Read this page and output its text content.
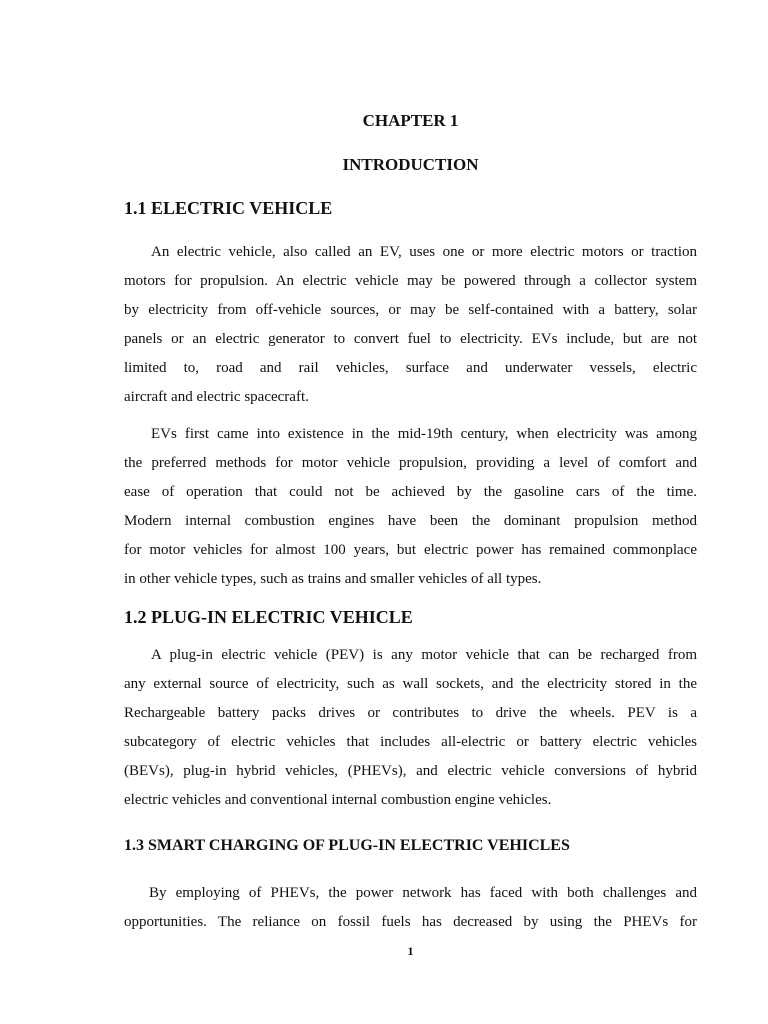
CHAPTER 1
INTRODUCTION
1.1 ELECTRIC VEHICLE
An electric vehicle, also called an EV, uses one or more electric motors or traction
motors for propulsion. An electric vehicle may be powered through a collector system
by electricity from off-vehicle sources, or may be self-contained with a battery, solar
panels or an electric generator to convert fuel to electricity. EVs include, but are not
limited to, road and rail vehicles, surface and underwater vessels, electric
aircraft and electric spacecraft.
EVs first came into existence in the mid-19th century, when electricity was among
the preferred methods for motor vehicle propulsion, providing a level of comfort and
ease of operation that could not be achieved by the gasoline cars of the time.
Modern internal combustion engines have been the dominant propulsion method
for motor vehicles for almost 100 years, but electric power has remained commonplace
in other vehicle types, such as trains and smaller vehicles of all types.
1.2 PLUG-IN ELECTRIC VEHICLE
A plug-in electric vehicle (PEV) is any motor vehicle that can be recharged from
any external source of electricity, such as wall sockets, and the electricity stored in the
Rechargeable battery packs drives or contributes to drive the wheels. PEV is a
subcategory of electric vehicles that includes all-electric or battery electric vehicles
(BEVs), plug-in hybrid vehicles, (PHEVs), and electric vehicle conversions of hybrid
electric vehicles and conventional internal combustion engine vehicles.
1.3 SMART CHARGING OF PLUG-IN ELECTRIC VEHICLES
By employing of PHEVs, the power network has faced with both challenges and
opportunities. The reliance on fossil fuels has decreased by using the PHEVs for
1
